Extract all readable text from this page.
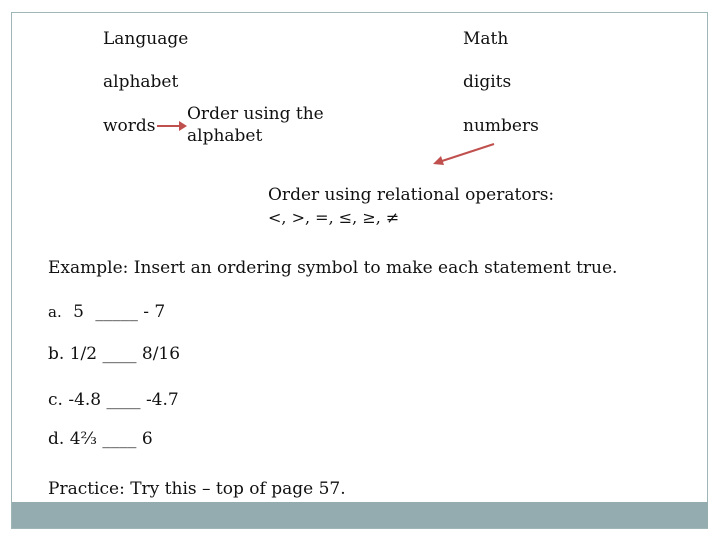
Language	Math
alphabet	digits
words	numbers
Order using the
alphabet
Order using relational operators:
<, >, =, ≤, ≥, ≠
Example: Insert an ordering symbol to make each statement true.
a. 5 _____ - 7
b. 1/2 ____ 8/16
c. -4.8 ____ -4.7
d. 4⅔ ____ 6
Practice: Try this – top of page 57.
